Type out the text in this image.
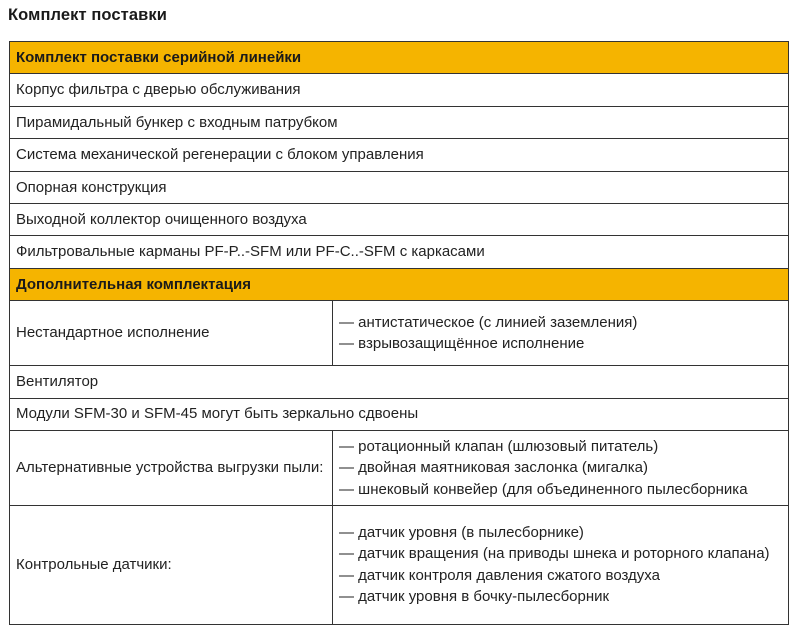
Комплект поставки
Комплект поставки серийной линейки	
Корпус фильтра с дверью обслуживания	
Пирамидальный бункер с входным патрубком	
Система механической регенерации с блоком управления	
Опорная конструкция	
Выходной коллектор очищенного воздуха	
Фильтровальные карманы PF-P..-SFM или PF-C..-SFM с каркасами	
Дополнительная комплектация	
Нестандартное исполнение	— антистатическое (с линией заземления)
— взрывозащищённое исполнение

Вентилятор	
Модули SFM-30 и SFM-45 могут быть зеркально сдвоены	
Альтернативные устройства выгрузки пыли:	— ротационный клапан (шлюзовый питатель)
— двойная маятниковая заслонка (мигалка)
— шнековый конвейер (для объединенного пылесборника

Контрольные датчики:	— датчик уровня (в пылесборнике)
— датчик вращения (на приводы шнека и роторного клапана)
— датчик контроля давления сжатого воздуха
— датчик уровня в бочку-пылесборник
